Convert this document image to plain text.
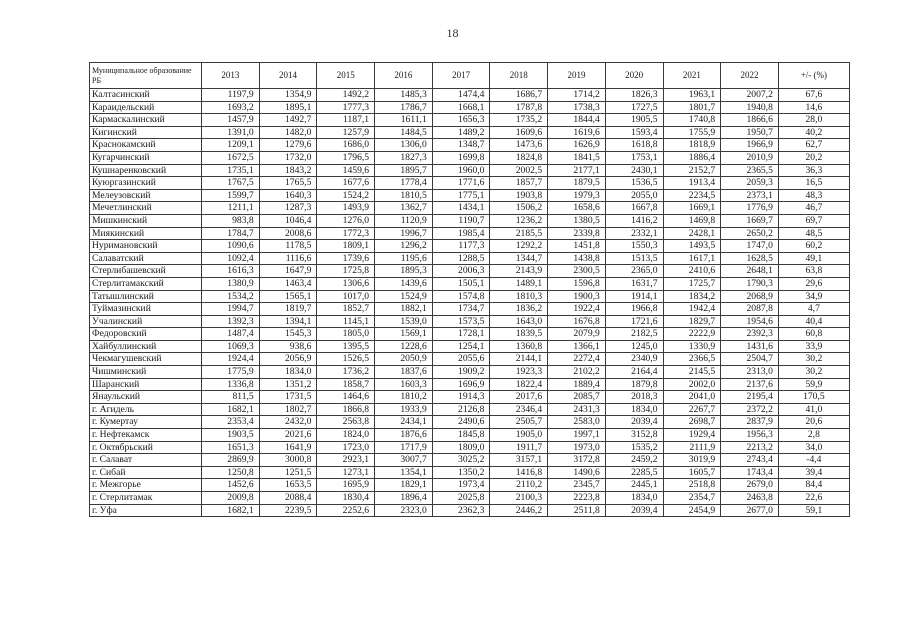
18
Муниципальное образование РБ	2013	2014	2015	2016	2017	2018	2019	2020	2021	2022	+/- (%)
Калтасинский	1197,9	1354,9	1492,2	1485,3	1474,4	1686,7	1714,2	1826,3	1963,1	2007,2	67,6
Караидельский	1693,2	1895,1	1777,3	1786,7	1668,1	1787,8	1738,3	1727,5	1801,7	1940,8	14,6
Кармаскалинский	1457,9	1492,7	1187,1	1611,1	1656,3	1735,2	1844,4	1905,5	1740,8	1866,6	28,0
Кигинский	1391,0	1482,0	1257,9	1484,5	1489,2	1609,6	1619,6	1593,4	1755,9	1950,7	40,2
Краснокамский	1209,1	1279,6	1686,0	1306,0	1348,7	1473,6	1626,9	1618,8	1818,9	1966,9	62,7
Кугарчинский	1672,5	1732,0	1796,5	1827,3	1699,8	1824,8	1841,5	1753,1	1886,4	2010,9	20,2
Кушнаренковский	1735,1	1843,2	1459,6	1895,7	1960,0	2002,5	2177,1	2430,1	2152,7	2365,5	36,3
Куюргазинский	1767,5	1765,5	1677,6	1778,4	1771,6	1857,7	1879,5	1536,5	1913,4	2059,3	16,5
Мелеузовский	1599,7	1640,3	1524,2	1810,5	1775,1	1903,8	1979,3	2055,0	2234,5	2373,1	48,3
Мечетлинский	1211,1	1287,3	1493,9	1362,7	1434,1	1506,2	1658,6	1667,8	1669,1	1776,9	46,7
Мишкинский	983,8	1046,4	1276,0	1120,9	1190,7	1236,2	1380,5	1416,2	1469,8	1669,7	69,7
Миякинский	1784,7	2008,6	1772,3	1996,7	1985,4	2185,5	2339,8	2332,1	2428,1	2650,2	48,5
Нуримановский	1090,6	1178,5	1809,1	1296,2	1177,3	1292,2	1451,8	1550,3	1493,5	1747,0	60,2
Салаватский	1092,4	1116,6	1739,6	1195,6	1288,5	1344,7	1438,8	1513,5	1617,1	1628,5	49,1
Стерлибашевский	1616,3	1647,9	1725,8	1895,3	2006,3	2143,9	2300,5	2365,0	2410,6	2648,1	63,8
Стерлитамакский	1380,9	1463,4	1306,6	1439,6	1505,1	1489,1	1596,8	1631,7	1725,7	1790,3	29,6
Татышлинский	1534,2	1565,1	1017,0	1524,9	1574,8	1810,3	1900,3	1914,1	1834,2	2068,9	34,9
Туймазинский	1994,7	1819,7	1852,7	1882,1	1734,7	1836,2	1922,4	1966,8	1942,4	2087,8	4,7
Учалинский	1392,3	1394,1	1145,1	1539,0	1573,5	1643,0	1676,8	1721,6	1829,7	1954,6	40,4
Федоровский	1487,4	1545,3	1805,0	1569,1	1728,1	1839,5	2079,9	2182,5	2222,9	2392,3	60,8
Хайбуллинский	1069,3	938,6	1395,5	1228,6	1254,1	1360,8	1366,1	1245,0	1330,9	1431,6	33,9
Чекмагушевский	1924,4	2056,9	1526,5	2050,9	2055,6	2144,1	2272,4	2340,9	2366,5	2504,7	30,2
Чишминский	1775,9	1834,0	1736,2	1837,6	1909,2	1923,3	2102,2	2164,4	2145,5	2313,0	30,2
Шаранский	1336,8	1351,2	1858,7	1603,3	1696,9	1822,4	1889,4	1879,8	2002,0	2137,6	59,9
Янаульский	811,5	1731,5	1464,6	1810,2	1914,3	2017,6	2085,7	2018,3	2041,0	2195,4	170,5
г. Агидель	1682,1	1802,7	1866,8	1933,9	2126,8	2346,4	2431,3	1834,0	2267,7	2372,2	41,0
г. Кумертау	2353,4	2432,0	2563,8	2434,1	2490,6	2505,7	2583,0	2039,4	2698,7	2837,9	20,6
г. Нефтекамск	1903,5	2021,6	1824,0	1876,6	1845,8	1905,0	1997,1	3152,8	1929,4	1956,3	2,8
г. Октябрьский	1651,3	1641,9	1723,0	1717,9	1809,0	1911,7	1973,0	1535,2	2111,9	2213,2	34,0
г. Салават	2869,9	3000,8	2923,1	3007,7	3025,2	3157,1	3172,8	2459,2	3019,9	2743,4	-4,4
г. Сибай	1250,8	1251,5	1273,1	1354,1	1350,2	1416,8	1490,6	2285,5	1605,7	1743,4	39,4
г. Межгорье	1452,6	1653,5	1695,9	1829,1	1973,4	2110,2	2345,7	2445,1	2518,8	2679,0	84,4
г. Стерлитамак	2009,8	2088,4	1830,4	1896,4	2025,8	2100,3	2223,8	1834,0	2354,7	2463,8	22,6
г. Уфа	1682,1	2239,5	2252,6	2323,0	2362,3	2446,2	2511,8	2039,4	2454,9	2677,0	59,1
